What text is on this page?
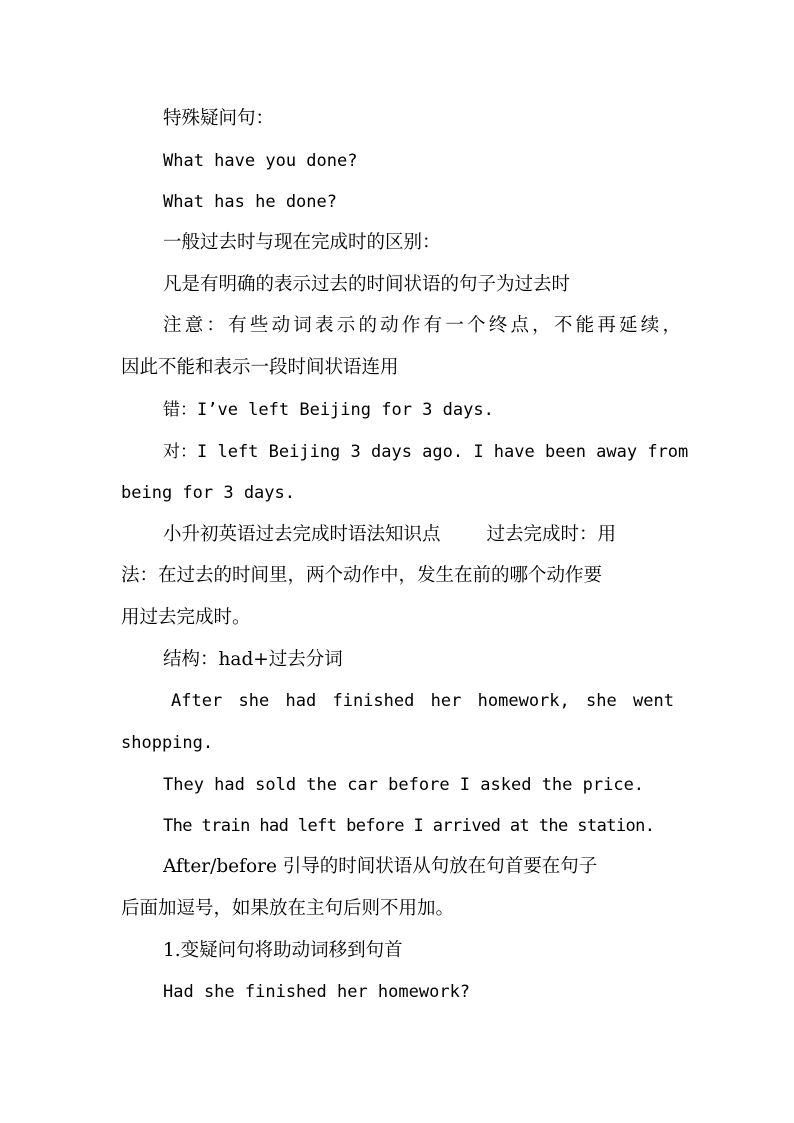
特殊疑问句：
What have you done?
What has he done?
一般过去时与现在完成时的区别：
凡是有明确的表示过去的时间状语的句子为过去时
注意：有些动词表示的动作有一个终点，不能再延续，
因此不能和表示一段时间状语连用
错：I’ve left Beijing for 3 days.
对：I left Beijing 3 days ago. I have been away from
being for 3 days.
小升初英语过去完成时语法知识点 过去完成时：用
法：在过去的时间里，两个动作中，发生在前的哪个动作要
用过去完成时。
结构：had+过去分词
After she had finished her homework, she went
shopping.
They had sold the car before I asked the price.
The train had left before I arrived at the station.
After/before 引导的时间状语从句放在句首要在句子
后面加逗号，如果放在主句后则不用加。
1.变疑问句将助动词移到句首
Had she finished her homework?
